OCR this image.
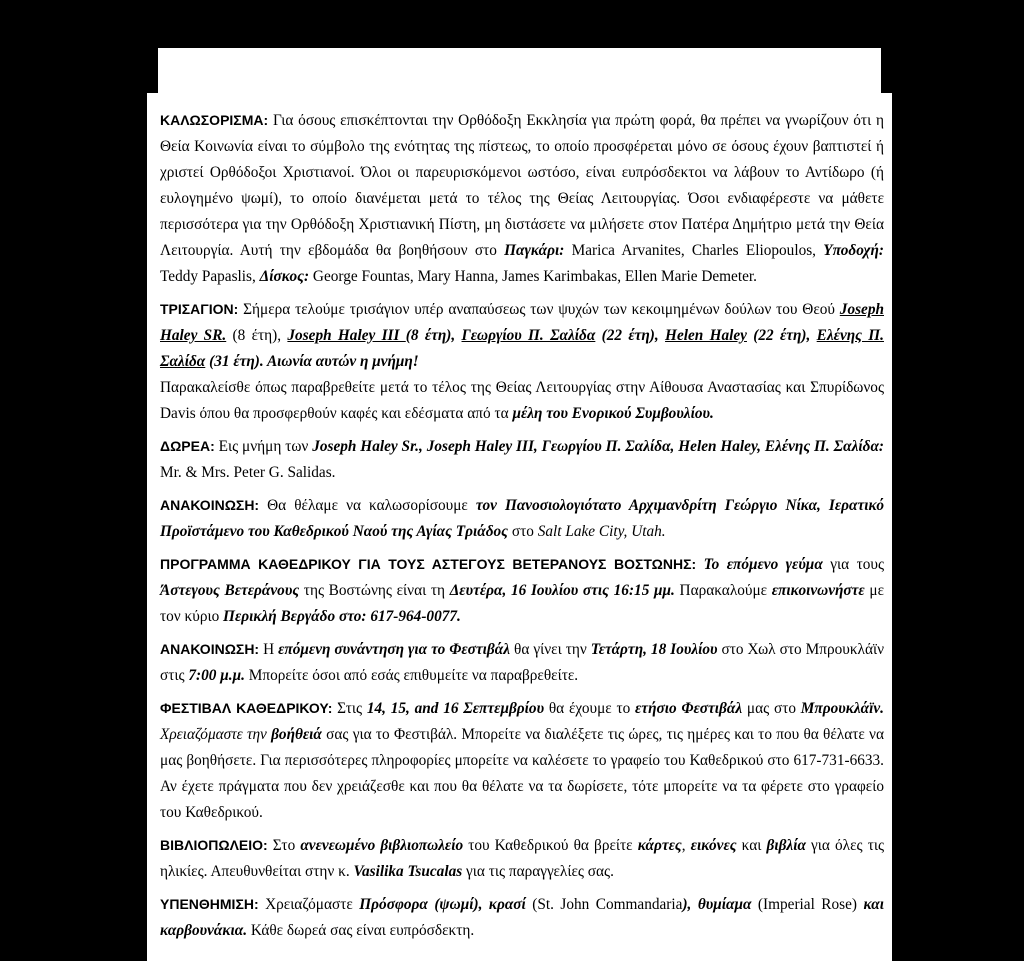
ΚΑΛΩΣΟΡΙΣΜΑ: Για όσους επισκέπτονται την Ορθόδοξη Εκκλησία για πρώτη φορά, θα πρέπει να γνωρίζουν ότι η Θεία Κοινωνία είναι το σύμβολο της ενότητας της πίστεως, το οποίο προσφέρεται μόνο σε όσους έχουν βαπτιστεί ή χριστεί Ορθόδοξοι Χριστιανοί. Όλοι οι παρευρισκόμενοι ωστόσο, είναι ευπρόσδεκτοι να λάβουν το Αντίδωρο (ή ευλογημένο ψωμί), το οποίο διανέμεται μετά το τέλος της Θείας Λειτουργίας. Όσοι ενδιαφέρεστε να μάθετε περισσότερα για την Ορθόδοξη Χριστιανική Πίστη, μη διστάσετε να μιλήσετε στον Πατέρα Δημήτριο μετά την Θεία Λειτουργία. Αυτή την εβδομάδα θα βοηθήσουν στο Παγκάρι: Marica Arvanites, Charles Eliopoulos, Υποδοχή: Teddy Papaslis, Δίσκος: George Fountas, Mary Hanna, James Karimbakas, Ellen Marie Demeter.

ΤΡΙΣΑΓΙΟΝ: Σήμερα τελούμε τρισάγιον υπέρ αναπαύσεως των ψυχών των κεκοιμημένων δούλων του Θεού Joseph Haley SR. (8 έτη), Joseph Haley III (8 έτη), Γεωργίου Π. Σαλίδα (22 έτη), Helen Haley (22 έτη), Ελένης Π. Σαλίδα (31 έτη). Αιωνία αυτών η μνήμη!

Παρακαλείσθε όπως παραβρεθείτε μετά το τέλος της Θείας Λειτουργίας στην Αίθουσα Αναστασίας και Σπυρίδωνος Davis όπου θα προσφερθούν καφές και εδέσματα από τα μέλη του Ενορικού Συμβουλίου.

ΔΩΡΕΑ: Εις μνήμη των Joseph Haley Sr., Joseph Haley III, Γεωργίου Π. Σαλίδα, Helen Haley, Ελένης Π. Σαλίδα: Mr. & Mrs. Peter G. Salidas.

ΑΝΑΚΟΙΝΩΣΗ: Θα θέλαμε να καλωσορίσουμε τον Πανοσιολογιότατο Αρχιμανδρίτη Γεώργιο Νίκα, Ιερατικό Προϊστάμενο του Καθεδρικού Ναού της Αγίας Τριάδος στο Salt Lake City, Utah.

ΠΡΟΓΡΑΜΜΑ ΚΑΘΕΔΡΙΚΟΥ ΓΙΑ ΤΟΥΣ ΑΣΤΕΓΟΥΣ ΒΕΤΕΡΑΝΟΥΣ ΒΟΣΤΩΝΗΣ: Το επόμενο γεύμα για τους Άστεγους Βετεράνους της Βοστώνης είναι τη Δευτέρα, 16 Ιουλίου στις 16:15 μμ. Παρακαλούμε επικοινωνήστε με τον κύριο Περικλή Βεργάδο στο: 617-964-0077.

ΑΝΑΚΟΙΝΩΣΗ: Η επόμενη συνάντηση για το Φεστιβάλ θα γίνει την Τετάρτη, 18 Ιουλίου στο Χωλ στο Μπρουκλάϊν στις 7:00 μ.μ. Μπορείτε όσοι από εσάς επιθυμείτε να παραβρεθείτε.

ΦΕΣΤΙΒΑΛ ΚΑΘΕΔΡΙΚΟΥ: Στις 14, 15, and 16 Σεπτεμβρίου θα έχουμε το ετήσιο Φεστιβάλ μας στο Μπρουκλάϊν. Χρειαζόμαστε την βοήθειά σας για το Φεστιβάλ. Μπορείτε να διαλέξετε τις ώρες, τις ημέρες και το που θα θέλατε να μας βοηθήσετε. Για περισσότερες πληροφορίες μπορείτε να καλέσετε το γραφείο του Καθεδρικού στο 617-731-6633. Αν έχετε πράγματα που δεν χρειάζεσθε και που θα θέλατε να τα δωρίσετε, τότε μπορείτε να τα φέρετε στο γραφείο του Καθεδρικού.

ΒΙΒΛΙΟΠΩΛΕΙΟ: Στο ανενεωμένο βιβλιοπωλείο του Καθεδρικού θα βρείτε κάρτες, εικόνες και βιβλία για όλες τις ηλικίες. Απευθυνθείται στην κ. Vasilika Tsucalas για τις παραγγελίες σας.

ΥΠΕΝΘΗΜΙΣΗ: Χρειαζόμαστε Πρόσφορα (ψωμί), κρασί (St. John Commandaria), θυμίαμα (Imperial Rose) και καρβουνάκια. Κάθε δωρεά σας είναι ευπρόσδεκτη.
